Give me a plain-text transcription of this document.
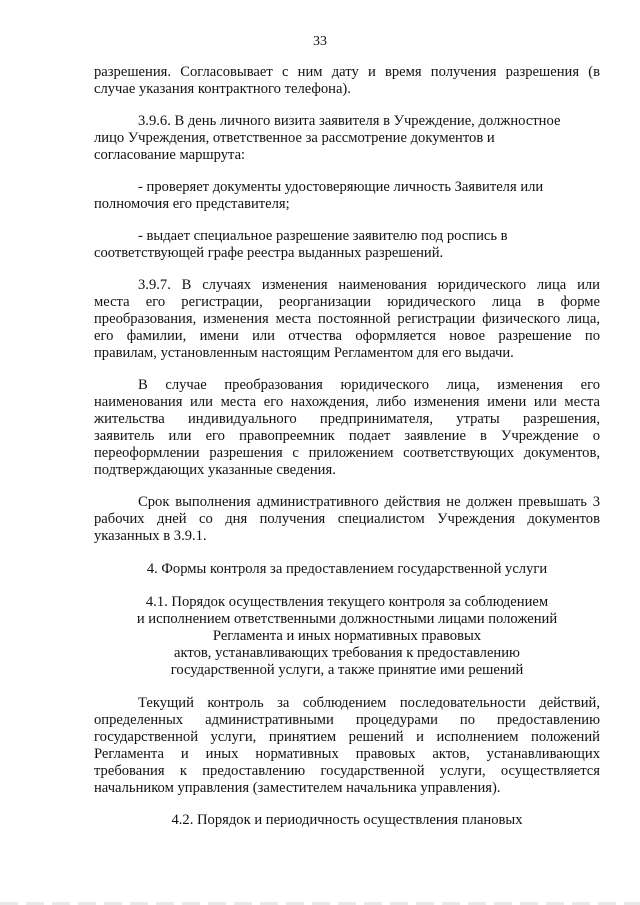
33
разрешения. Согласовывает с ним дату и время получения разрешения (в
случае указания контрактного телефона).
3.9.6. В день личного визита заявителя в Учреждение, должностное
лицо Учреждения, ответственное за рассмотрение документов и
согласование маршрута:
- проверяет документы удостоверяющие личность Заявителя или
полномочия его представителя;
- выдает специальное разрешение заявителю под роспись в
соответствующей графе реестра выданных разрешений.
3.9.7. В случаях изменения наименования юридического лица или
места его регистрации, реорганизации юридического лица в форме
преобразования, изменения места постоянной регистрации физического лица,
его фамилии, имени или отчества оформляется новое разрешение по
правилам, установленным настоящим Регламентом для его выдачи.
В случае преобразования юридического лица, изменения его
наименования или места его нахождения, либо изменения имени или места
жительства индивидуального предпринимателя, утраты разрешения,
заявитель или его правопреемник подает заявление в Учреждение о
переоформлении разрешения с приложением соответствующих документов,
подтверждающих указанные сведения.
Срок выполнения административного действия не должен превышать 3
рабочих дней со дня получения специалистом Учреждения документов
указанных в 3.9.1.
4. Формы контроля за предоставлением государственной услуги
4.1. Порядок осуществления текущего контроля за соблюдением
и исполнением ответственными должностными лицами положений
Регламента и иных нормативных правовых
актов, устанавливающих требования к предоставлению
государственной услуги, а также принятие ими решений
Текущий контроль за соблюдением последовательности действий,
определенных административными процедурами по предоставлению
государственной услуги, принятием решений и исполнением положений
Регламента и иных нормативных правовых актов, устанавливающих
требования к предоставлению государственной услуги, осуществляется
начальником управления (заместителем начальника управления).
4.2. Порядок и периодичность осуществления плановых
